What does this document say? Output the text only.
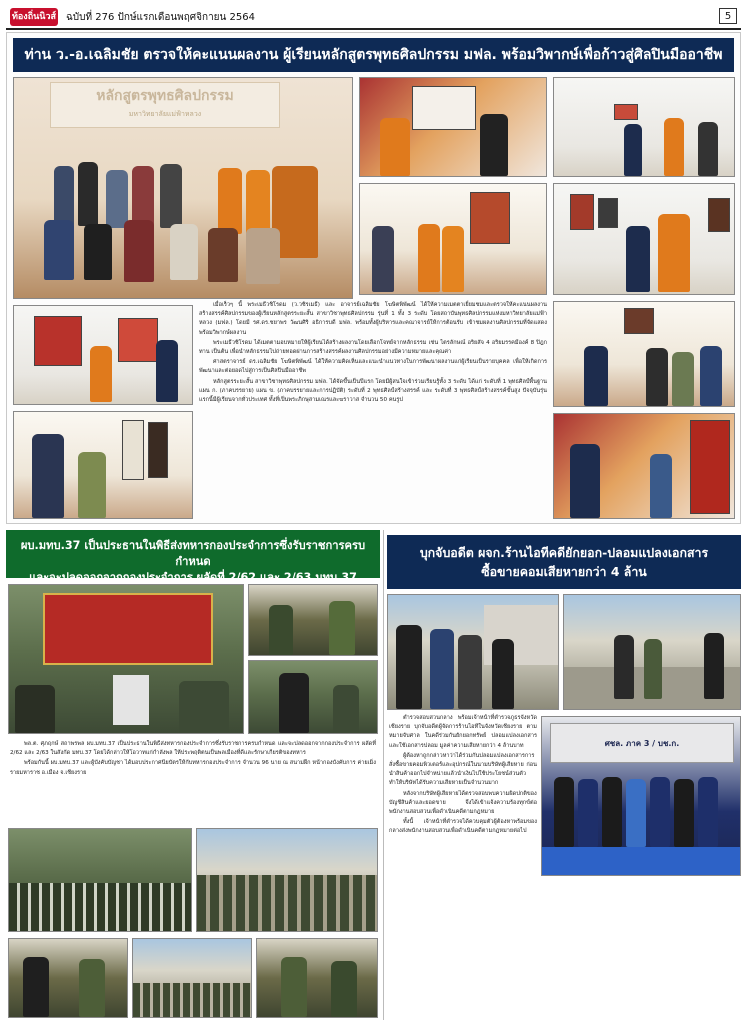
ท้องถิ่นนิวส์ ฉบับที่ 276 ปักษ์แรกเดือนพฤศจิกายน 2564	5
ท่าน ว.-อ.เฉลิมชัย ตรวจให้คะแนนผลงาน ผู้เรียนหลักสูตรพุทธศิลปกรรม มฟล. พร้อมวิพากษ์เพื่อก้าวสู่ศิลปินมืออาชีพ
หลักสูตรพุทธศิลปกรรม
มหาวิทยาลัยแม่ฟ้าหลวง

เมื่อเร็วๆ นี้ พระเมธีวชิโรดม (ว.วชิรเมธี) และ อาจารย์เฉลิมชัย โฆษิตพิพัฒน์ ได้ให้ความเมตตาเยี่ยมชมและตรวจให้คะแนนผลงานสร้างสรรค์ศิลปกรรมของผู้เรียนหลักสูตรระยะสั้น สาขาวิชาพุทธศิลปกรรม รุ่นที่ 1 ทั้ง 3 ระดับ โดยสถาบันพุทธศิลปกรรมแห่งมหาวิทยาลัยแม่ฟ้าหลวง (มฟล.) โดยมี รศ.ดร.ชยาพร วัฒนศิริ อธิการบดี มฟล. พร้อมทั้งผู้บริหารและคณาจารย์ให้การต้อนรับ เข้าชมผลงานศิลปกรรมที่จัดแสดงพร้อมวิพากษ์ผลงาน

พระเมธีวชิโรดม ได้เมตตามอบหมายให้ผู้เรียนได้สร้างผลงานโดยเลือกโจทย์จากหลักธรรม เช่น ไตรลักษณ์ อริยสัจ 4 อริยมรรคมีองค์ 8 ปิฎกทาน เป็นต้น เพื่อนำหลักธรรมไปถ่ายทอดผ่านการสร้างสรรค์ผลงานศิลปกรรมอย่างมีความหมายและคุณค่า

ศาสตราจารย์ ดร.เฉลิมชัย โฆษิตพิพัฒน์ ได้ให้ความคิดเห็นและแนะนำแนวทางในการพัฒนาผลงานแก่ผู้เรียนเป็นรายบุคคล เพื่อให้เกิดการพัฒนาและต่อยอดไปสู่การเป็นศิลปินมืออาชีพ

หลักสูตรระยะสั้น สาขาวิชาพุทธศิลปกรรม มฟล. ได้จัดขึ้นเป็นปีแรก โดยมีผู้สนใจเข้าร่วมเรียนรู้ทั้ง 3 ระดับ ได้แก่ ระดับที่ 1 พุทธศิลป์พื้นฐาน แผน ก. (ภาคบรรยาย) แผน ข. (ภาคบรรยายและการปฏิบัติ) ระดับที่ 2 พุทธศิลป์สร้างสรรค์ และ ระดับที่ 3 พุทธศิลป์สร้างสรรค์ขั้นสูง ปัจจุบันรุ่นแรกนี้มีผู้เรียนจากทั่วประเทศ ทั้งที่เป็นพระภิกษุสามเณรและฆราวาส จำนวน 50 คนรูป

ผบ.มทบ.37 เป็นประธานในพิธีส่งทหารกองประจำการซึ่งรับราชการครบกำหนด
และจะปลดออกจากกองประจำการ ผลัดที่ 2/62 และ 2/63 มทบ.37

พล.ต. ศุภฤกษ์ สถาพรพล ผบ.มทบ.37 เป็นประธานในพิธีส่งทหารกองประจำการซึ่งรับราชการครบกำหนด และจะปลดออกจากกองประจำการ ผลัดที่ 2/62 และ 2/63 ในสังกัด มทบ.37 โดยได้กล่าวให้โอวาทแก่กำลังพล ให้ประพฤติตนเป็นพลเมืองที่ดีและรักษาเกียรติของทหาร

พร้อมกันนี้ ผบ.มทบ.37 และผู้บังคับบัญชา ได้มอบประกาศนียบัตรให้กับทหารกองประจำการ จำนวน 96 นาย ณ สนามฝึก หน้ากองบังคับการ ค่ายเม็งรายมหาราช อ.เมือง จ.เชียงราย

บุกจับอดีต ผจก.ร้านไอทีคดียักยอก-ปลอมแปลงเอกสาร
ซื้อขายคอมเสียหายกว่า 4 ล้าน

ตำรวจสอบสวนกลาง พร้อมเจ้าหน้าที่ตำรวจภูธรจังหวัดเชียงราย บุกจับอดีตผู้จัดการร้านไอทีในจังหวัดเชียงราย ตามหมายจับศาล ในคดีร่วมกันยักยอกทรัพย์ ปลอมแปลงเอกสาร และใช้เอกสารปลอม มูลค่าความเสียหายกว่า 4 ล้านบาท

ผู้ต้องหาถูกกล่าวหาว่าได้ร่วมกันปลอมแปลงเอกสารการสั่งซื้อขายคอมพิวเตอร์และอุปกรณ์ในนามบริษัทผู้เสียหาย ก่อนนำสินค้าออกไปจำหน่ายแล้วนำเงินไปใช้ประโยชน์ส่วนตัว ทำให้บริษัทได้รับความเสียหายเป็นจำนวนมาก

หลังจากบริษัทผู้เสียหายได้ตรวจสอบพบความผิดปกติของบัญชีสินค้าและยอดขาย จึงได้เข้าแจ้งความร้องทุกข์ต่อพนักงานสอบสวนเพื่อดำเนินคดีตามกฎหมาย

ทั้งนี้ เจ้าหน้าที่ตำรวจได้ควบคุมตัวผู้ต้องหาพร้อมของกลางส่งพนักงานสอบสวนเพื่อดำเนินคดีตามกฎหมายต่อไป

ศชล. ภาค 3 / บช.ก.
